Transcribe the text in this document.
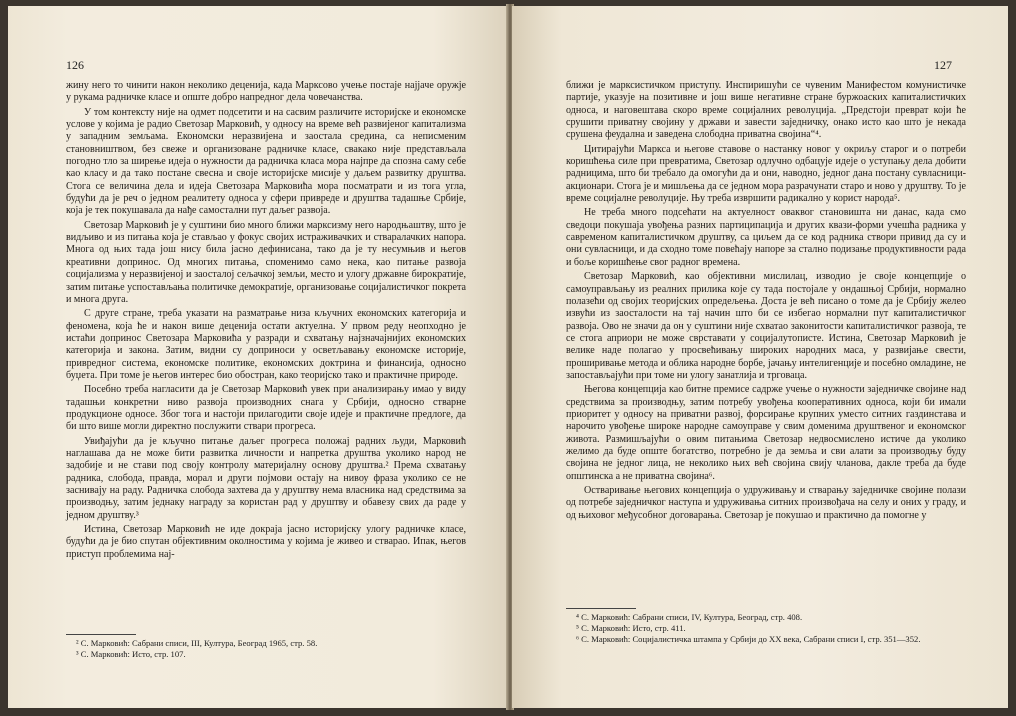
126

жину него то чинити након неколико деценија, када Марксово учење постаје најјаче оружје у рукама радничке класе и опште добро напредног дела човечанства.

У том контексту није на одмет подсетити и на сасвим различите историјске и економске услове у којима је радио Светозар Марковић, у односу на време већ развијеног капитализма у западним земљама. Економски неразвијена и заостала средина, са неписменим становништвом, без свеже и организоване радничке класе, свакако није представљала погодно тло за ширење идеја о нужности да радничка класа мора најпре да спозна саму себе као класу и да тако постане свесна и своје историјске мисије у даљем развитку друштва. Стога се величина дела и идеја Светозара Марковића мора посматрати и из тога угла, будући да је реч о једном реалитету односа у сфери привреде и друштва тадашње Србије, која је тек покушавала да нађе самостални пут даљег развоја.

Светозар Марковић је у суштини био много ближи марксизму него народњаштву, што је видљиво и из питања која је стављао у фокус својих истраживачких и стваралачких напора. Многа од њих тада још нису била јасно дефинисана, тако да је ту несумњив и његов креативни допринос. Од многих питања, споменимо само нека, као питање развоја социјализма у неразвијеној и заосталој сељачкој земљи, место и улогу државне бирократије, затим питање успостављања политичке демократије, организовање социјалистичког покрета и многа друга.

С друге стране, треба указати на разматрање низа кључних економских категорија и феномена, која ће и након више деценија остати актуелна. У првом реду неопходно је истаћи допринос Светозара Марковића у разради и схватању најзначајнијих економских категорија и закона. Затим, видни су доприноси у осветљавању економске историје, привредног система, економске политике, економских доктрина и финансија, односно буџета. При томе је његов интерес био обостран, како теоријско тако и практичне природе.

Посебно треба нагласити да је Светозар Марковић увек при анализирању имао у виду тадашњи конкретни ниво развоја производних снага у Србији, односно стварне продукционе односе. Због тога и настоји прилагодити своје идеје и практичне предлоге, да би што више могли директно послужити ствари прогреса.

Увиђајући да је кључно питање даљег прогреса положај радних људи, Марковић наглашава да не може бити развитка личности и напретка друштва уколико народ не задобије и не стави под своју контролу материјалну основу друштва.² Према схватању радника, слобода, правда, морал и други појмови остају на нивоу фраза уколико се не засниваjу на раду. Радничка слобода захтева да у друштву нема власника над средствима за производњу, затим једнаку награду за користан рад у друштву и обавезу свих да раде у једном друштву.³

Истина, Светозар Марковић не иде докраја јасно историјску улогу радничке класе, будући да је био спутан објективним околностима у којима је живео и стварао. Ипак, његов приступ проблемима нај-

² С. Марковић: Сабрани списи, III, Култура, Београд 1965, стр. 58.
³ С. Марковић: Исто, стр. 107.
127

ближи је марксистичком приступу. Инспиришући се чувеним Манифестом комунистичке партије, указује на позитивне и још више негативне стране буржоаских капиталистичких односа, и наговештава скоро време социјалних револуција. „Предстоји преврат који ће срушити приватну својину у држави и завести заједничку, онако исто као што је некада срушена феудална и заведена слободна приватна својина“⁴.

Цитирајући Маркса и његове ставове о настанку новог у окриљу старог и о потреби коришћења силе при превратима, Светозар одлучно одбацује идеје о уступању дела добити радницима, што би требало да омогући да и они, наводно, једног дана постану сувласници-акционари. Стога је и мишљења да се једном мора разрачунати старо и ново у друштву. То је време социјалне револуције. Њу треба извршити радикално у корист народа⁵.

Не треба много подсећати на актуелност оваквог становишта ни данас, када смо сведоци покушаја увођења разних партиципација и других квази-форми учешћа радника у савременом капиталистичком друштву, са циљем да се код радника створи привид да су и они сувласници, и да сходно томе повећају напоре за стално подизање продуктивности рада и боље коришћење свог радног времена.

Светозар Марковић, као објективни мислилац, изводио је своје концепције о самоуправљању из реалних прилика које су тада постојале у ондашњој Србији, нормално полазећи од својих теоријских опредељења. Доста је већ писано о томе да је Србију желео извући из заосталости на тај начин што би се избегао нормални пут капиталистичког развоја. Ово не значи да он у суштини није схватао законитости капиталистичког развоја, те се стога априори не може сврставати у социјалутописте. Истина, Светозар Марковић је велике наде полагао у просвећивању широких народних маса, у развијање свести, проширивање метода и облика народне борбе, јачању интелигенције и посебно омладине, не запостављајући при томе ни улогу занатлија и трговаца.

Његова концепција као битне премисе садрже учење о нужности заједничке својине над средствима за производњу, затим потребу увођења кооперативних односа, који би имали приоритет у односу на приватни развој, форсирање крупних уместо ситних газдинстава и нарочито увођење широке народне самоуправе у свим доменима друштвеног и економског живота. Размишљајући о овим питањима Светозар недвосмислено истиче да уколико желимо да буде опште богатство, потребно је да земља и сви алати за производњу буду својина не једног лица, не неколико њих већ својина свију чланова, дакле треба да буде општинска а не приватна својина⁶.

Остваривање његових концепција о удруживању и стварању заједничке својине полази од потребе заједничког наступа и удруживања ситних произвођача на селу и оних у граду, и од њиховог међусобног договарања. Светозар је покушао и практично да помогне у

⁴ С. Марковић: Сабрани списи, IV, Култура, Београд, стр. 408.
⁵ С. Марковић: Исто, стр. 411.
⁶ С. Марковић: Социјалистичка штампа у Србији до XX века, Сабрани списи I, стр. 351—352.
